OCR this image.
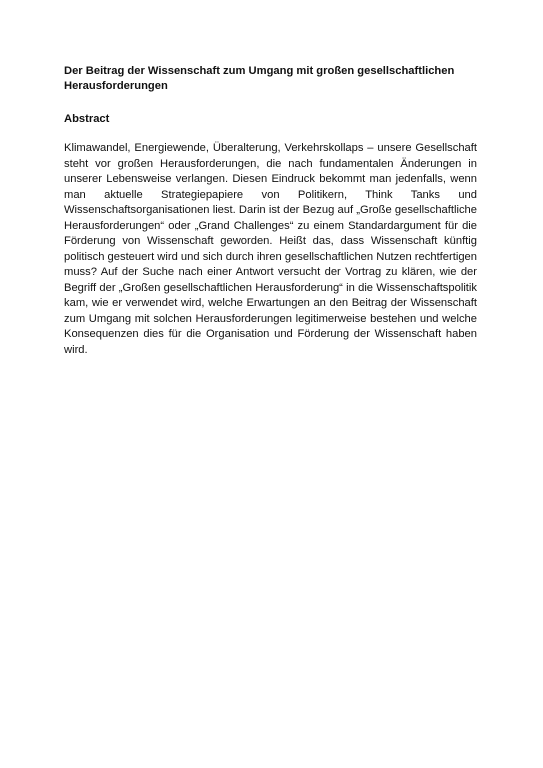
Der Beitrag der Wissenschaft zum Umgang mit großen gesellschaftlichen Herausforderungen
Abstract

Klimawandel, Energiewende, Überalterung, Verkehrskollaps – unsere Gesellschaft steht vor großen Herausforderungen, die nach fundamentalen Änderungen in unserer Lebensweise verlangen. Diesen Eindruck bekommt man jedenfalls, wenn man aktuelle Strategiepapiere von Politikern, Think Tanks und Wissenschaftsorganisationen liest. Darin ist der Bezug auf „Große gesellschaftliche Herausforderungen“ oder „Grand Challenges“ zu einem Standardargument für die Förderung von Wissenschaft geworden. Heißt das, dass Wissenschaft künftig politisch gesteuert wird und sich durch ihren gesellschaftlichen Nutzen rechtfertigen muss? Auf der Suche nach einer Antwort versucht der Vortrag zu klären, wie der Begriff der „Großen gesellschaftlichen Herausforderung“ in die Wissenschaftspolitik kam, wie er verwendet wird, welche Erwartungen an den Beitrag der Wissenschaft zum Umgang mit solchen Herausforderungen legitimerweise bestehen und welche Konsequenzen dies für die Organisation und Förderung der Wissenschaft haben wird.
